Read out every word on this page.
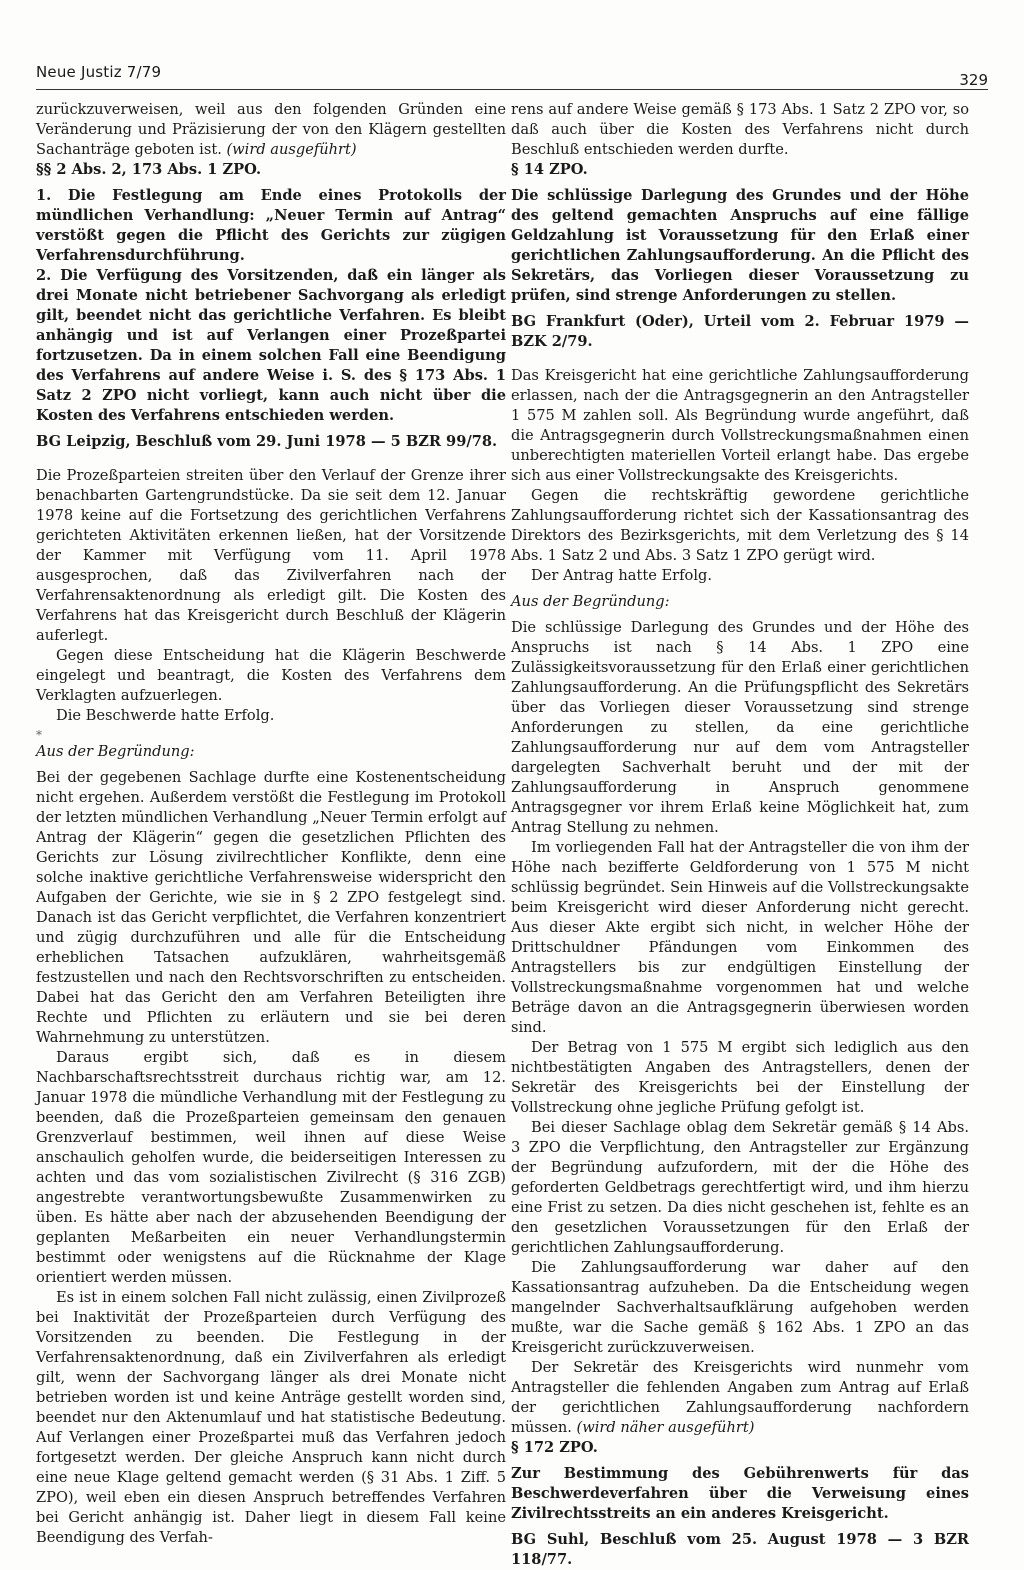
Neue Justiz 7/79	329

zurückzuverweisen, weil aus den folgenden Gründen eine Veränderung und Präzisierung der von den Klägern gestellten Sachanträge geboten ist. (wird ausgeführt)

§§ 2 Abs. 2, 173 Abs. 1 ZPO.

1. Die Festlegung am Ende eines Protokolls der mündlichen Verhandlung: „Neuer Termin auf Antrag“ verstößt gegen die Pflicht des Gerichts zur zügigen Verfahrensdurchführung.

2. Die Verfügung des Vorsitzenden, daß ein länger als drei Monate nicht betriebener Sachvorgang als erledigt gilt, beendet nicht das gerichtliche Verfahren. Es bleibt anhängig und ist auf Verlangen einer Prozeßpartei fortzusetzen. Da in einem solchen Fall eine Beendigung des Verfahrens auf andere Weise i. S. des § 173 Abs. 1 Satz 2 ZPO nicht vorliegt, kann auch nicht über die Kosten des Verfahrens entschieden werden.

BG Leipzig, Beschluß vom 29. Juni 1978 — 5 BZR 99/78.

Die Prozeßparteien streiten über den Verlauf der Grenze ihrer benachbarten Gartengrundstücke. Da sie seit dem 12. Januar 1978 keine auf die Fortsetzung des gerichtlichen Verfahrens gerichteten Aktivitäten erkennen ließen, hat der Vorsitzende der Kammer mit Verfügung vom 11. April 1978 ausgesprochen, daß das Zivilverfahren nach der Verfahrensaktenordnung als erledigt gilt. Die Kosten des Verfahrens hat das Kreisgericht durch Beschluß der Klägerin auferlegt.

Gegen diese Entscheidung hat die Klägerin Beschwerde eingelegt und beantragt, die Kosten des Verfahrens dem Verklagten aufzuerlegen.

Die Beschwerde hatte Erfolg.

*

Aus der Begründung:

Bei der gegebenen Sachlage durfte eine Kostenentscheidung nicht ergehen. Außerdem verstößt die Festlegung im Protokoll der letzten mündlichen Verhandlung „Neuer Termin erfolgt auf Antrag der Klägerin“ gegen die gesetzlichen Pflichten des Gerichts zur Lösung zivilrechtlicher Konflikte, denn eine solche inaktive gerichtliche Verfahrensweise widerspricht den Aufgaben der Gerichte, wie sie in § 2 ZPO festgelegt sind. Danach ist das Gericht verpflichtet, die Verfahren konzentriert und zügig durchzuführen und alle für die Entscheidung erheblichen Tatsachen aufzuklären, wahrheitsgemäß festzustellen und nach den Rechtsvorschriften zu entscheiden. Dabei hat das Gericht den am Verfahren Beteiligten ihre Rechte und Pflichten zu erläutern und sie bei deren Wahrnehmung zu unterstützen.

Daraus ergibt sich, daß es in diesem Nachbarschaftsrechtsstreit durchaus richtig war, am 12. Januar 1978 die mündliche Verhandlung mit der Festlegung zu beenden, daß die Prozeßparteien gemeinsam den genauen Grenzverlauf bestimmen, weil ihnen auf diese Weise anschaulich geholfen wurde, die beiderseitigen Interessen zu achten und das vom sozialistischen Zivilrecht (§ 316 ZGB) angestrebte verantwortungsbewußte Zusammenwirken zu üben. Es hätte aber nach der abzusehenden Beendigung der geplanten Meßarbeiten ein neuer Verhandlungstermin bestimmt oder wenigstens auf die Rücknahme der Klage orientiert werden müssen.

Es ist in einem solchen Fall nicht zulässig, einen Zivilprozeß bei Inaktivität der Prozeßparteien durch Verfügung des Vorsitzenden zu beenden. Die Festlegung in der Verfahrensaktenordnung, daß ein Zivilverfahren als erledigt gilt, wenn der Sachvorgang länger als drei Monate nicht betrieben worden ist und keine Anträge gestellt worden sind, beendet nur den Aktenumlauf und hat statistische Bedeutung. Auf Verlangen einer Prozeßpartei muß das Verfahren jedoch fortgesetzt werden. Der gleiche Anspruch kann nicht durch eine neue Klage geltend gemacht werden (§ 31 Abs. 1 Ziff. 5 ZPO), weil eben ein diesen Anspruch betreffendes Verfahren bei Gericht anhängig ist. Daher liegt in diesem Fall keine Beendigung des Verfah-

rens auf andere Weise gemäß § 173 Abs. 1 Satz 2 ZPO vor, so daß auch über die Kosten des Verfahrens nicht durch Beschluß entschieden werden durfte.

§ 14 ZPO.

Die schlüssige Darlegung des Grundes und der Höhe des geltend gemachten Anspruchs auf eine fällige Geldzahlung ist Voraussetzung für den Erlaß einer gerichtlichen Zahlungsaufforderung. An die Pflicht des Sekretärs, das Vorliegen dieser Voraussetzung zu prüfen, sind strenge Anforderungen zu stellen.

BG Frankfurt (Oder), Urteil vom 2. Februar 1979 — BZK 2/79.

Das Kreisgericht hat eine gerichtliche Zahlungsaufforderung erlassen, nach der die Antragsgegnerin an den Antragsteller 1 575 M zahlen soll. Als Begründung wurde angeführt, daß die Antragsgegnerin durch Vollstreckungsmaßnahmen einen unberechtigten materiellen Vorteil erlangt habe. Das ergebe sich aus einer Vollstreckungsakte des Kreisgerichts.

Gegen die rechtskräftig gewordene gerichtliche Zahlungsaufforderung richtet sich der Kassationsantrag des Direktors des Bezirksgerichts, mit dem Verletzung des § 14 Abs. 1 Satz 2 und Abs. 3 Satz 1 ZPO gerügt wird.

Der Antrag hatte Erfolg.

Aus der Begründung:

Die schlüssige Darlegung des Grundes und der Höhe des Anspruchs ist nach § 14 Abs. 1 ZPO eine Zulässigkeitsvoraussetzung für den Erlaß einer gerichtlichen Zahlungsaufforderung. An die Prüfungspflicht des Sekretärs über das Vorliegen dieser Voraussetzung sind strenge Anforderungen zu stellen, da eine gerichtliche Zahlungsaufforderung nur auf dem vom Antragsteller dargelegten Sachverhalt beruht und der mit der Zahlungsaufforderung in Anspruch genommene Antragsgegner vor ihrem Erlaß keine Möglichkeit hat, zum Antrag Stellung zu nehmen.

Im vorliegenden Fall hat der Antragsteller die von ihm der Höhe nach bezifferte Geldforderung von 1 575 M nicht schlüssig begründet. Sein Hinweis auf die Vollstreckungsakte beim Kreisgericht wird dieser Anforderung nicht gerecht. Aus dieser Akte ergibt sich nicht, in welcher Höhe der Drittschuldner Pfändungen vom Einkommen des Antragstellers bis zur endgültigen Einstellung der Vollstreckungsmaßnahme vorgenommen hat und welche Beträge davon an die Antragsgegnerin überwiesen worden sind.

Der Betrag von 1 575 M ergibt sich lediglich aus den nichtbestätigten Angaben des Antragstellers, denen der Sekretär des Kreisgerichts bei der Einstellung der Vollstreckung ohne jegliche Prüfung gefolgt ist.

Bei dieser Sachlage oblag dem Sekretär gemäß § 14 Abs. 3 ZPO die Verpflichtung, den Antragsteller zur Ergänzung der Begründung aufzufordern, mit der die Höhe des geforderten Geldbetrags gerechtfertigt wird, und ihm hierzu eine Frist zu setzen. Da dies nicht geschehen ist, fehlte es an den gesetzlichen Voraussetzungen für den Erlaß der gerichtlichen Zahlungsaufforderung.

Die Zahlungsaufforderung war daher auf den Kassationsantrag aufzuheben. Da die Entscheidung wegen mangelnder Sachverhaltsaufklärung aufgehoben werden mußte, war die Sache gemäß § 162 Abs. 1 ZPO an das Kreisgericht zurückzuverweisen.

Der Sekretär des Kreisgerichts wird nunmehr vom Antragsteller die fehlenden Angaben zum Antrag auf Erlaß der gerichtlichen Zahlungsaufforderung nachfordern müssen. (wird näher ausgeführt)

§ 172 ZPO.

Zur Bestimmung des Gebührenwerts für das Beschwerdeverfahren über die Verweisung eines Zivilrechtsstreits an ein anderes Kreisgericht.

BG Suhl, Beschluß vom 25. August 1978 — 3 BZR 118/77.
